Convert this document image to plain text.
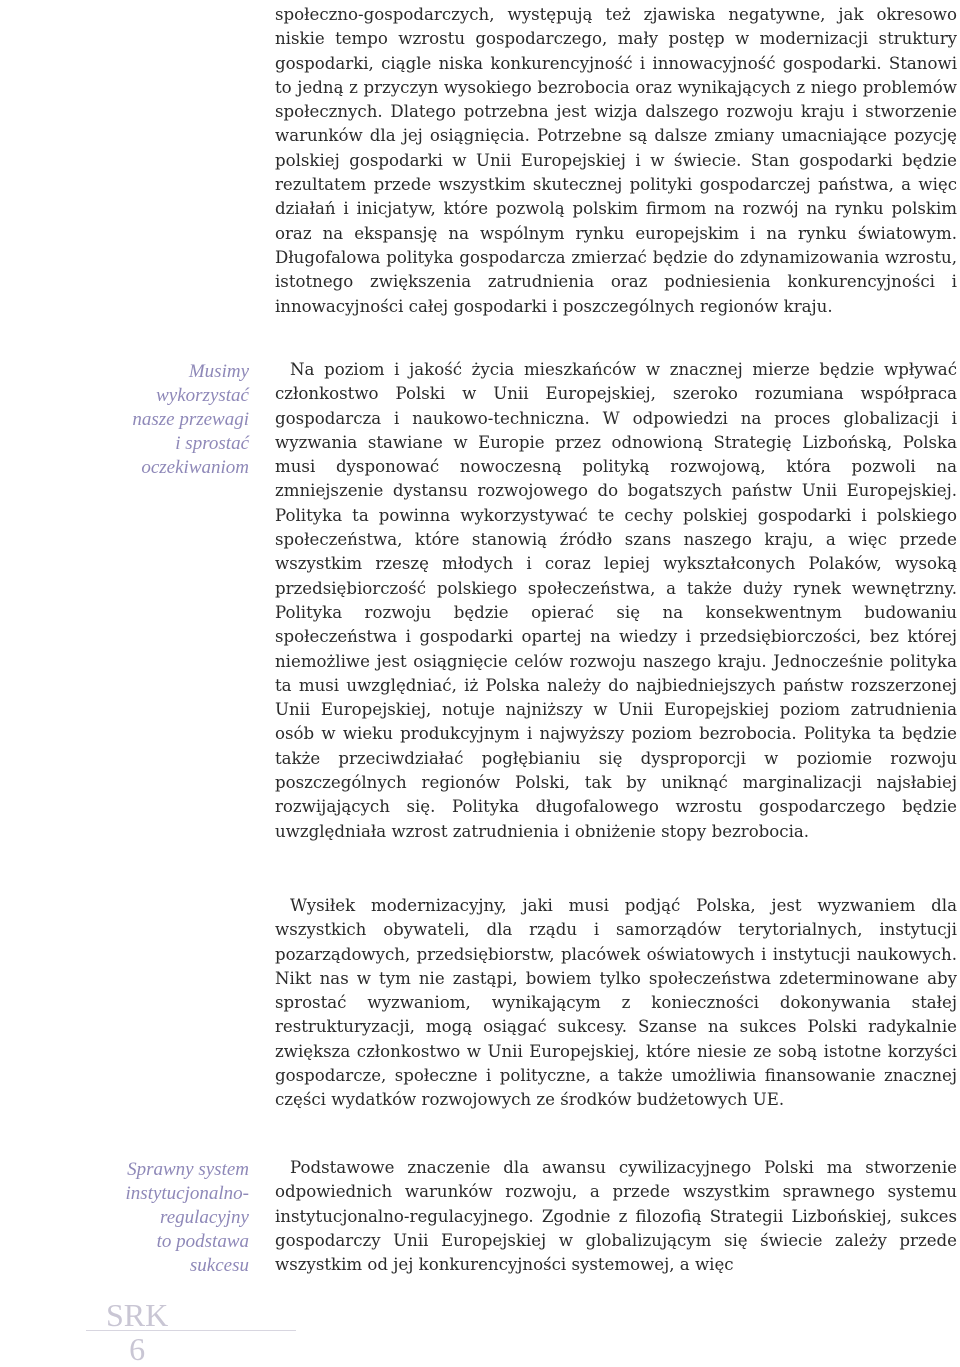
społeczno-gospodarczych, występują też zjawiska negatywne, jak okresowo niskie tempo wzrostu gospodarczego, mały postęp w modernizacji struktury gospodarki, ciągle niska konkurencyjność i innowacyjność gospodarki. Stanowi to jedną z przyczyn wysokiego bezrobocia oraz wynikających z niego problemów społecznych. Dlatego potrzebna jest wizja dalszego rozwoju kraju i stworzenie warunków dla jej osiągnięcia. Potrzebne są dalsze zmiany umacniające pozycję polskiej gospodarki w Unii Europejskiej i w świecie. Stan gospodarki będzie rezultatem przede wszystkim skutecznej polityki gospodarczej państwa, a więc działań i inicjatyw, które pozwolą polskim firmom na rozwój na rynku polskim oraz na ekspansję na wspólnym rynku europejskim i na rynku światowym. Długofalowa polityka gospodarcza zmierzać będzie do zdynamizowania wzrostu, istotnego zwiększenia zatrudnienia oraz podniesienia konkurencyjności i innowacyjności całej gospodarki i poszczególnych regionów kraju.

Na poziom i jakość życia mieszkańców w znacznej mierze będzie wpływać członkostwo Polski w Unii Europejskiej, szeroko rozumiana współpraca gospodarcza i naukowo-techniczna. W odpowiedzi na proces globalizacji i wyzwania stawiane w Europie przez odnowioną Strategię Lizbońską, Polska musi dysponować nowoczesną polityką rozwojową, która pozwoli na zmniejszenie dystansu rozwojowego do bogatszych państw Unii Europejskiej. Polityka ta powinna wykorzystywać te cechy polskiej gospodarki i polskiego społeczeństwa, które stanowią źródło szans naszego kraju, a więc przede wszystkim rzeszę młodych i coraz lepiej wykształconych Polaków, wysoką przedsiębiorczość polskiego społeczeństwa, a także duży rynek wewnętrzny. Polityka rozwoju będzie opierać się na konsekwentnym budowaniu społeczeństwa i gospodarki opartej na wiedzy i przedsiębiorczości, bez której niemożliwe jest osiągnięcie celów rozwoju naszego kraju. Jednocześnie polityka ta musi uwzględniać, iż Polska należy do najbiedniejszych państw rozszerzonej Unii Europejskiej, notuje najniższy w Unii Europejskiej poziom zatrudnienia osób w wieku produkcyjnym i najwyższy poziom bezrobocia. Polityka ta będzie także przeciwdziałać pogłębianiu się dysproporcji w poziomie rozwoju poszczególnych regionów Polski, tak by uniknąć marginalizacji najsłabiej rozwijających się. Polityka długofalowego wzrostu gospodarczego będzie uwzględniała wzrost zatrudnienia i obniżenie stopy bezrobocia.

Wysiłek modernizacyjny, jaki musi podjąć Polska, jest wyzwaniem dla wszystkich obywateli, dla rządu i samorządów terytorialnych, instytucji pozarządowych, przedsiębiorstw, placówek oświatowych i instytucji naukowych. Nikt nas w tym nie zastąpi, bowiem tylko społeczeństwa zdeterminowane aby sprostać wyzwaniom, wynikającym z konieczności dokonywania stałej restrukturyzacji, mogą osiągać sukcesy. Szanse na sukces Polski radykalnie zwiększa członkostwo w Unii Europejskiej, które niesie ze sobą istotne korzyści gospodarcze, społeczne i polityczne, a także umożliwia finansowanie znacznej części wydatków rozwojowych ze środków budżetowych UE.

Podstawowe znaczenie dla awansu cywilizacyjnego Polski ma stworzenie odpowiednich warunków rozwoju, a przede wszystkim sprawnego systemu instytucjonalno-regulacyjnego. Zgodnie z filozofią Strategii Lizbońskiej, sukces gospodarczy Unii Europejskiej w globalizującym się świecie zależy przede wszystkim od jej konkurencyjności systemowej, a więc

Musimy
wykorzystać
nasze przewagi
i sprostać
oczekiwaniom
Sprawny system
instytucjonalno-
regulacyjny
to podstawa
sukcesu
SRK
6
